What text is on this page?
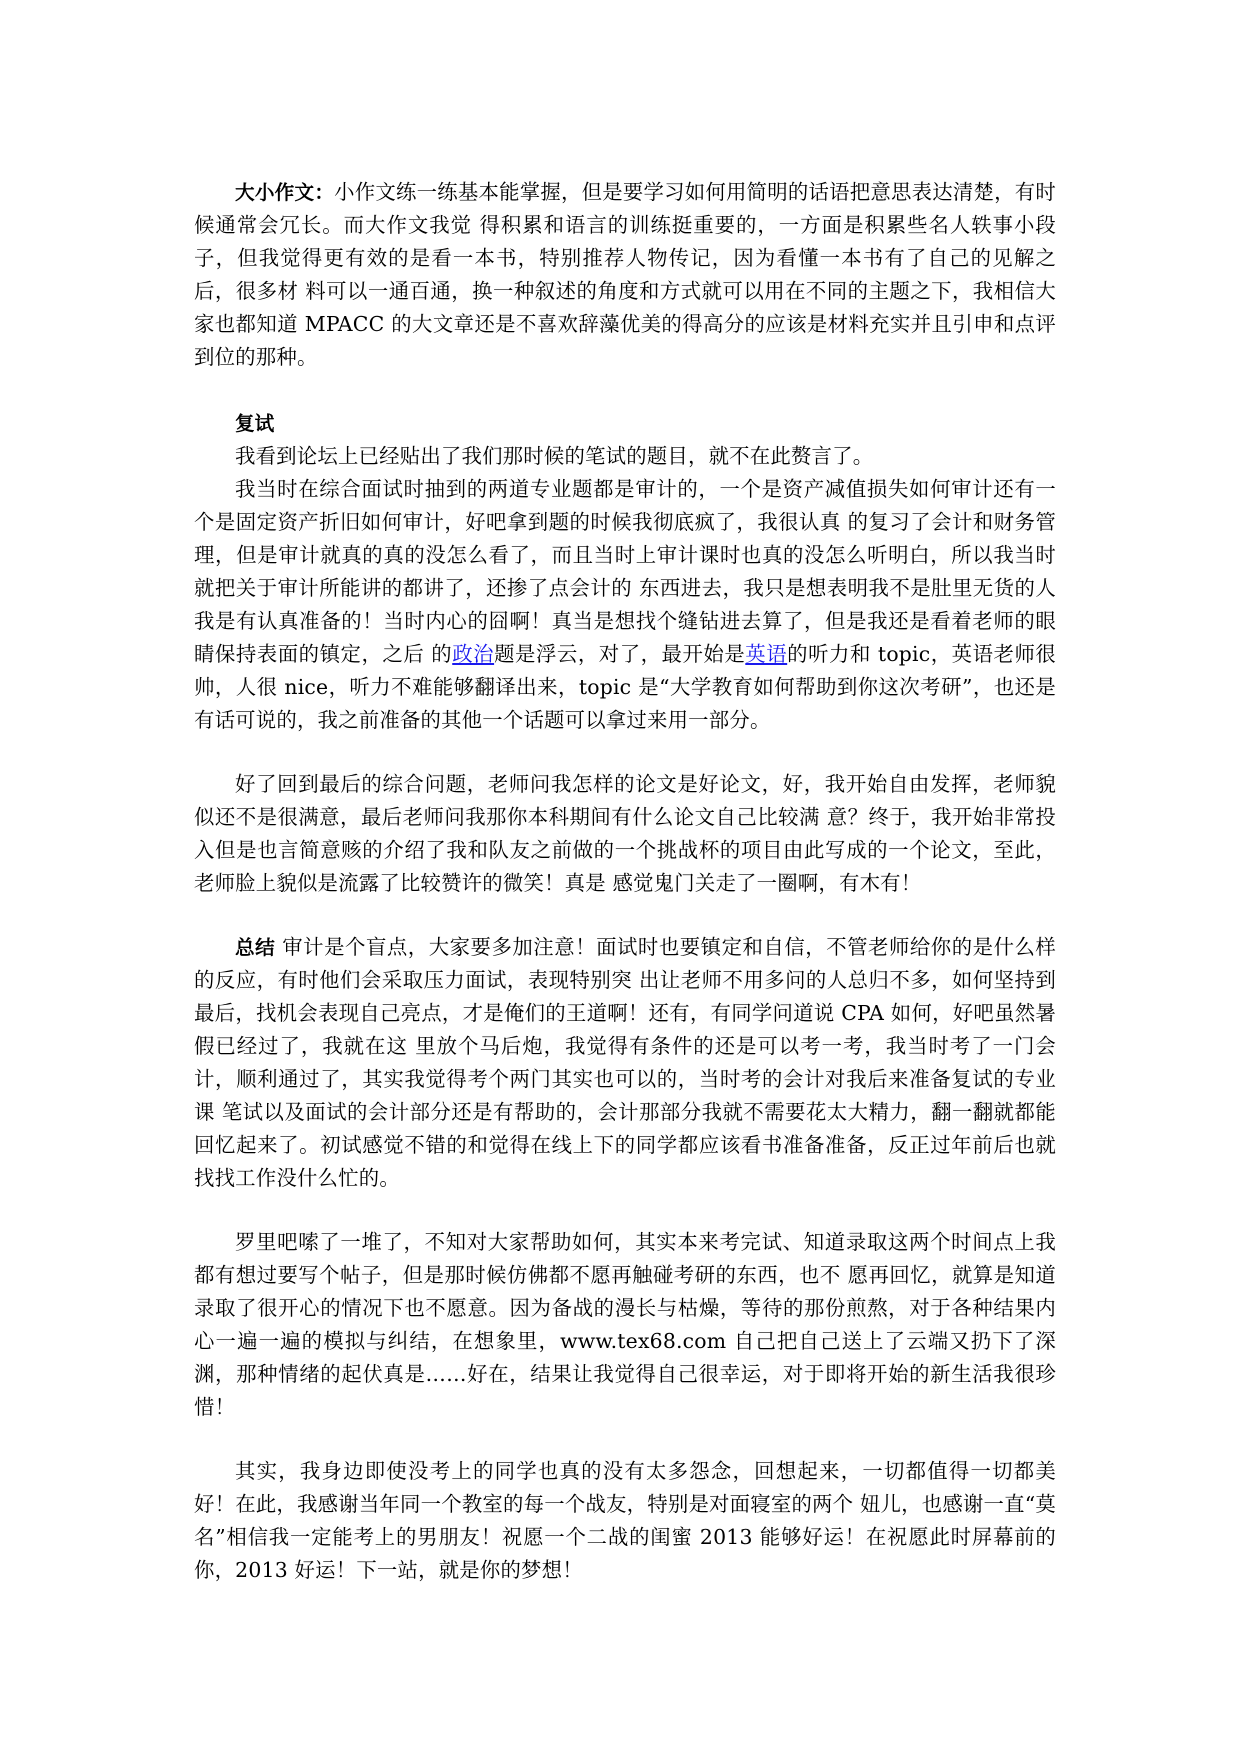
大小作文：小作文练一练基本能掌握，但是要学习如何用简明的话语把意思表达清楚，有时候通常会冗长。而大作文我觉 得积累和语言的训练挺重要的，一方面是积累些名人轶事小段子，但我觉得更有效的是看一本书，特别推荐人物传记，因为看懂一本书有了自己的见解之后，很多材 料可以一通百通，换一种叙述的角度和方式就可以用在不同的主题之下，我相信大家也都知道 MPACC 的大文章还是不喜欢辞藻优美的得高分的应该是材料充实并且引申和点评到位的那种。

复试

我看到论坛上已经贴出了我们那时候的笔试的题目，就不在此赘言了。

我当时在综合面试时抽到的两道专业题都是审计的，一个是资产减值损失如何审计还有一个是固定资产折旧如何审计，好吧拿到题的时候我彻底疯了，我很认真 的复习了会计和财务管理，但是审计就真的真的没怎么看了，而且当时上审计课时也真的没怎么听明白，所以我当时就把关于审计所能讲的都讲了，还掺了点会计的 东西进去，我只是想表明我不是肚里无货的人我是有认真准备的！当时内心的囧啊！真当是想找个缝钻进去算了，但是我还是看着老师的眼睛保持表面的镇定，之后 的政治题是浮云，对了，最开始是英语的听力和 topic，英语老师很帅，人很 nice，听力不难能够翻译出来，topic 是“大学教育如何帮助到你这次考研”，也还是有话可说的，我之前准备的其他一个话题可以拿过来用一部分。

好了回到最后的综合问题，老师问我怎样的论文是好论文，好，我开始自由发挥，老师貌似还不是很满意，最后老师问我那你本科期间有什么论文自己比较满 意？终于，我开始非常投入但是也言简意赅的介绍了我和队友之前做的一个挑战杯的项目由此写成的一个论文，至此，老师脸上貌似是流露了比较赞许的微笑！真是 感觉鬼门关走了一圈啊，有木有！

总结 审计是个盲点，大家要多加注意！面试时也要镇定和自信，不管老师给你的是什么样的反应，有时他们会采取压力面试，表现特别突 出让老师不用多问的人总归不多，如何坚持到最后，找机会表现自己亮点，才是俺们的王道啊！还有，有同学问道说 CPA 如何，好吧虽然暑假已经过了，我就在这 里放个马后炮，我觉得有条件的还是可以考一考，我当时考了一门会计，顺利通过了，其实我觉得考个两门其实也可以的，当时考的会计对我后来准备复试的专业课 笔试以及面试的会计部分还是有帮助的，会计那部分我就不需要花太大精力，翻一翻就都能回忆起来了。初试感觉不错的和觉得在线上下的同学都应该看书准备准备，反正过年前后也就找找工作没什么忙的。

罗里吧嗦了一堆了，不知对大家帮助如何，其实本来考完试、知道录取这两个时间点上我都有想过要写个帖子，但是那时候仿佛都不愿再触碰考研的东西，也不 愿再回忆，就算是知道录取了很开心的情况下也不愿意。因为备战的漫长与枯燥，等待的那份煎熬，对于各种结果内心一遍一遍的模拟与纠结，在想象里，www.tex68.com 自己把自己送上了云端又扔下了深渊，那种情绪的起伏真是……好在，结果让我觉得自己很幸运，对于即将开始的新生活我很珍惜！

其实，我身边即使没考上的同学也真的没有太多怨念，回想起来，一切都值得一切都美好！在此，我感谢当年同一个教室的每一个战友，特别是对面寝室的两个 妞儿，也感谢一直“莫名”相信我一定能考上的男朋友！祝愿一个二战的闺蜜 2013 能够好运！在祝愿此时屏幕前的你，2013 好运！下一站，就是你的梦想！
